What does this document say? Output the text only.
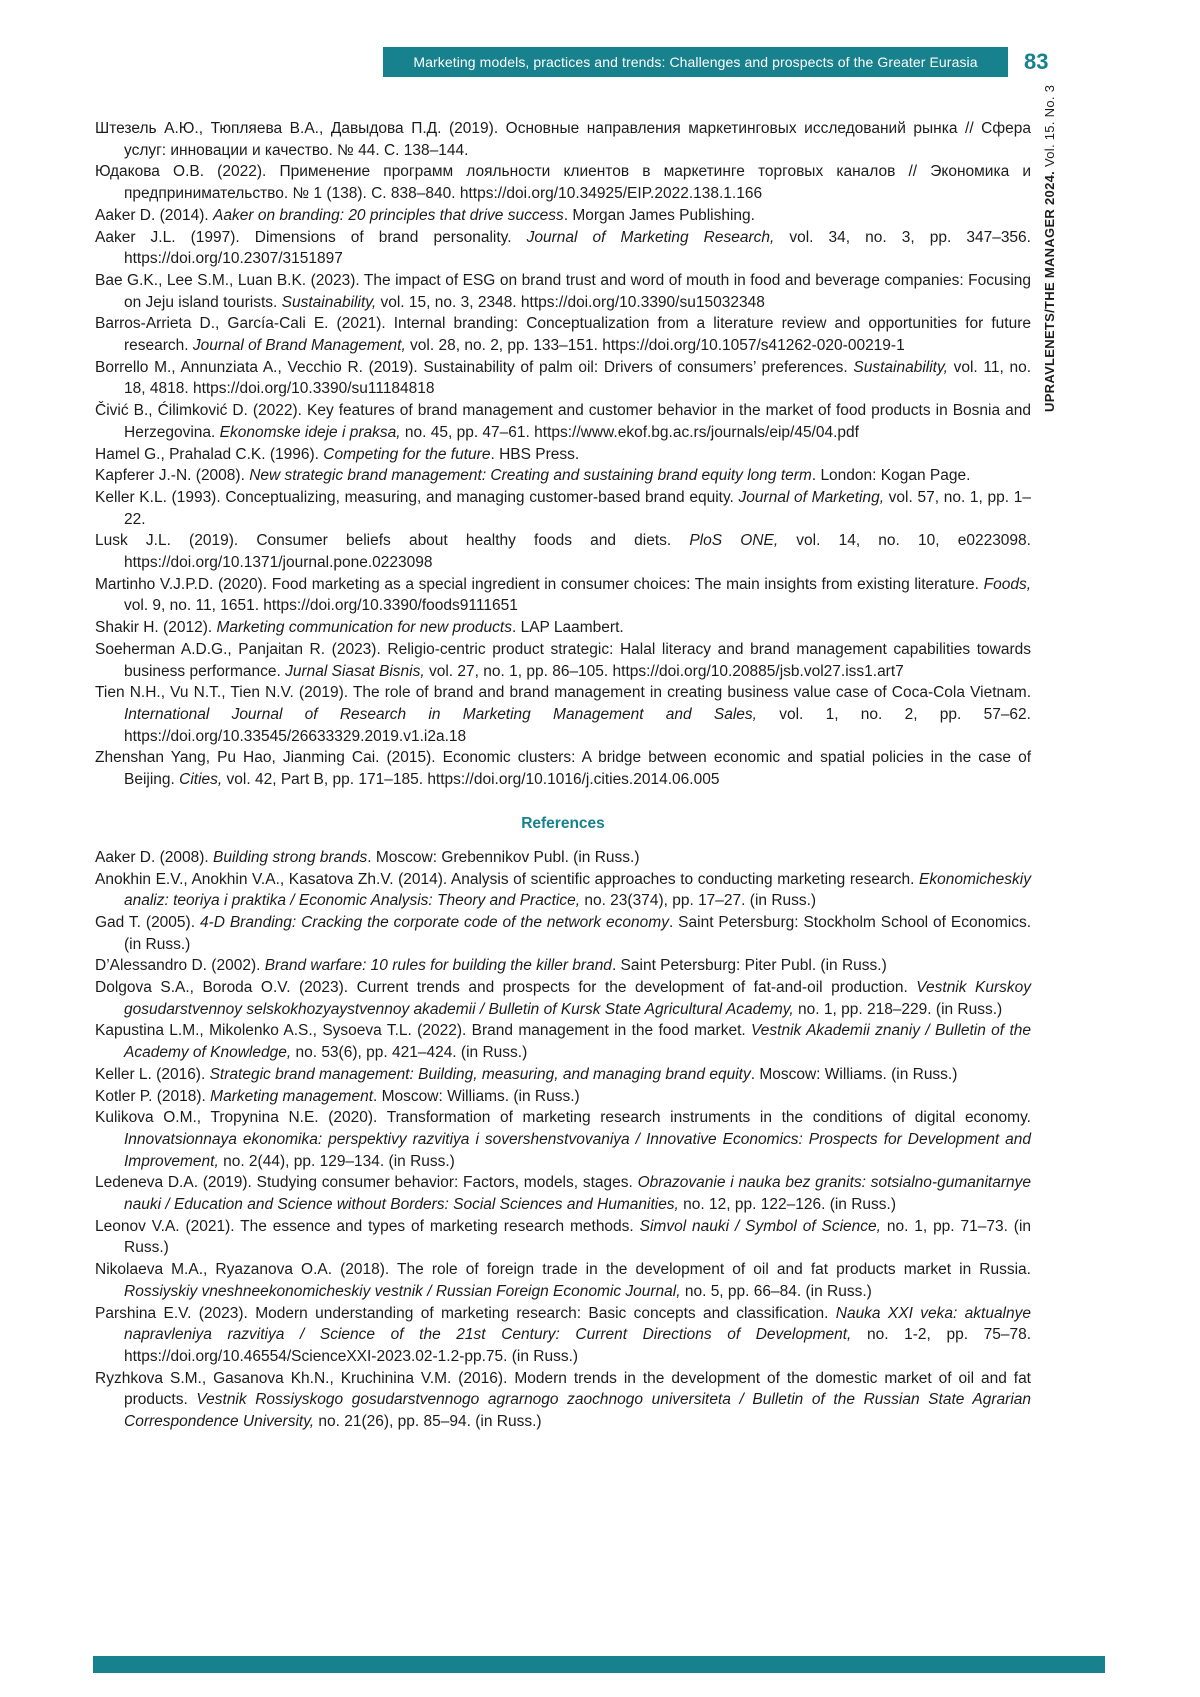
Marketing models, practices and trends: Challenges and prospects of the Greater Eurasia 83
UPRAVLENETS/THE MANAGER 2024. Vol. 15. No. 3

Штезель А.Ю., Тюпляева В.А., Давыдова П.Д. (2019). Основные направления маркетинговых исследований рынка // Сфера услуг: инновации и качество. № 44. С. 138–144.

Юдакова О.В. (2022). Применение программ лояльности клиентов в маркетинге торговых каналов // Экономика и предпринимательство. № 1 (138). С. 838–840. https://doi.org/10.34925/EIP.2022.138.1.166

Aaker D. (2014). Aaker on branding: 20 principles that drive success. Morgan James Publishing.

Aaker J.L. (1997). Dimensions of brand personality. Journal of Marketing Research, vol. 34, no. 3, pp. 347–356. https://doi.org/10.2307/3151897

Bae G.K., Lee S.M., Luan B.K. (2023). The impact of ESG on brand trust and word of mouth in food and beverage companies: Focusing on Jeju island tourists. Sustainability, vol. 15, no. 3, 2348. https://doi.org/10.3390/su15032348

Barros-Arrieta D., García-Cali E. (2021). Internal branding: Conceptualization from a literature review and opportunities for future research. Journal of Brand Management, vol. 28, no. 2, pp. 133–151. https://doi.org/10.1057/s41262-020-00219-1

Borrello M., Annunziata A., Vecchio R. (2019). Sustainability of palm oil: Drivers of consumers’ preferences. Sustainability, vol. 11, no. 18, 4818. https://doi.org/10.3390/su11184818

Čivić B., Ćilimković D. (2022). Key features of brand management and customer behavior in the market of food products in Bosnia and Herzegovina. Ekonomske ideje i praksa, no. 45, pp. 47–61. https://www.ekof.bg.ac.rs/journals/eip/45/04.pdf

Hamel G., Prahalad C.K. (1996). Competing for the future. HBS Press.

Kapferer J.-N. (2008). New strategic brand management: Creating and sustaining brand equity long term. London: Kogan Page.

Keller K.L. (1993). Conceptualizing, measuring, and managing customer-based brand equity. Journal of Marketing, vol. 57, no. 1, pp. 1–22.

Lusk J.L. (2019). Consumer beliefs about healthy foods and diets. PloS ONE, vol. 14, no. 10, e0223098. https://doi.org/10.1371/journal.pone.0223098

Martinho V.J.P.D. (2020). Food marketing as a special ingredient in consumer choices: The main insights from existing literature. Foods, vol. 9, no. 11, 1651. https://doi.org/10.3390/foods9111651

Shakir H. (2012). Marketing communication for new products. LAP Laambert.

Soeherman A.D.G., Panjaitan R. (2023). Religio-centric product strategic: Halal literacy and brand management capabilities towards business performance. Jurnal Siasat Bisnis, vol. 27, no. 1, pp. 86–105. https://doi.org/10.20885/jsb.vol27.iss1.art7

Tien N.H., Vu N.T., Tien N.V. (2019). The role of brand and brand management in creating business value case of Coca-Cola Vietnam. International Journal of Research in Marketing Management and Sales, vol. 1, no. 2, pp. 57–62. https://doi.org/10.33545/26633329.2019.v1.i2a.18

Zhenshan Yang, Pu Hao, Jianming Cai. (2015). Economic clusters: A bridge between economic and spatial policies in the case of Beijing. Cities, vol. 42, Part B, pp. 171–185. https://doi.org/10.1016/j.cities.2014.06.005

References

Aaker D. (2008). Building strong brands. Moscow: Grebennikov Publ. (in Russ.)

Anokhin E.V., Anokhin V.A., Kasatova Zh.V. (2014). Analysis of scientific approaches to conducting marketing research. Ekonomicheskiy analiz: teoriya i praktika / Economic Analysis: Theory and Practice, no. 23(374), pp. 17–27. (in Russ.)

Gad T. (2005). 4-D Branding: Cracking the corporate code of the network economy. Saint Petersburg: Stockholm School of Economics. (in Russ.)

D’Alessandro D. (2002). Brand warfare: 10 rules for building the killer brand. Saint Petersburg: Piter Publ. (in Russ.)

Dolgova S.A., Boroda O.V. (2023). Current trends and prospects for the development of fat-and-oil production. Vestnik Kurskoy gosudarstvennoy selskokhozyaystvennoy akademii / Bulletin of Kursk State Agricultural Academy, no. 1, pp. 218–229. (in Russ.)

Kapustina L.M., Mikolenko A.S., Sysoeva T.L. (2022). Brand management in the food market. Vestnik Akademii znaniy / Bulletin of the Academy of Knowledge, no. 53(6), pp. 421–424. (in Russ.)

Keller L. (2016). Strategic brand management: Building, measuring, and managing brand equity. Moscow: Williams. (in Russ.)

Kotler P. (2018). Marketing management. Moscow: Williams. (in Russ.)

Kulikova O.M., Tropynina N.E. (2020). Transformation of marketing research instruments in the conditions of digital economy. Innovatsionnaya ekonomika: perspektivy razvitiya i sovershenstvovaniya / Innovative Economics: Prospects for Development and Improvement, no. 2(44), pp. 129–134. (in Russ.)

Ledeneva D.A. (2019). Studying consumer behavior: Factors, models, stages. Obrazovanie i nauka bez granits: sotsialno-gumanitarnye nauki / Education and Science without Borders: Social Sciences and Humanities, no. 12, pp. 122–126. (in Russ.)

Leonov V.A. (2021). The essence and types of marketing research methods. Simvol nauki / Symbol of Science, no. 1, pp. 71–73. (in Russ.)

Nikolaeva M.A., Ryazanova O.A. (2018). The role of foreign trade in the development of oil and fat products market in Russia. Rossiyskiy vneshneekonomicheskiy vestnik / Russian Foreign Economic Journal, no. 5, pp. 66–84. (in Russ.)

Parshina E.V. (2023). Modern understanding of marketing research: Basic concepts and classification. Nauka XXI veka: aktualnye napravleniya razvitiya / Science of the 21st Century: Current Directions of Development, no. 1-2, pp. 75–78. https://doi.org/10.46554/ScienceXXI-2023.02-1.2-pp.75. (in Russ.)

Ryzhkova S.M., Gasanova Kh.N., Kruchinina V.M. (2016). Modern trends in the development of the domestic market of oil and fat products. Vestnik Rossiyskogo gosudarstvennogo agrarnogo zaochnogo universiteta / Bulletin of the Russian State Agrarian Correspondence University, no. 21(26), pp. 85–94. (in Russ.)
